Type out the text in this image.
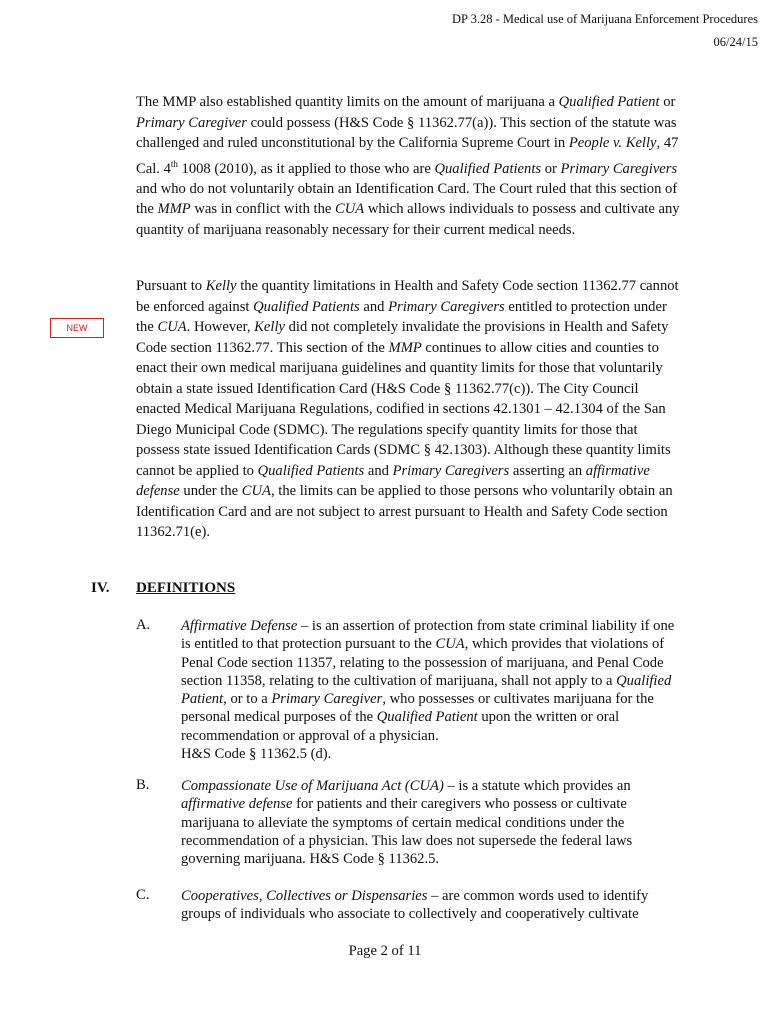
DP 3.28 - Medical use of Marijuana Enforcement Procedures
06/24/15
The MMP also established quantity limits on the amount of marijuana a Qualified Patient or Primary Caregiver could possess (H&S Code § 11362.77(a)). This section of the statute was challenged and ruled unconstitutional by the California Supreme Court in People v. Kelly, 47 Cal. 4th 1008 (2010), as it applied to those who are Qualified Patients or Primary Caregivers and who do not voluntarily obtain an Identification Card. The Court ruled that this section of the MMP was in conflict with the CUA which allows individuals to possess and cultivate any quantity of marijuana reasonably necessary for their current medical needs.
NEW
Pursuant to Kelly the quantity limitations in Health and Safety Code section 11362.77 cannot be enforced against Qualified Patients and Primary Caregivers entitled to protection under the CUA. However, Kelly did not completely invalidate the provisions in Health and Safety Code section 11362.77. This section of the MMP continues to allow cities and counties to enact their own medical marijuana guidelines and quantity limits for those that voluntarily obtain a state issued Identification Card (H&S Code § 11362.77(c)). The City Council enacted Medical Marijuana Regulations, codified in sections 42.1301 – 42.1304 of the San Diego Municipal Code (SDMC). The regulations specify quantity limits for those that possess state issued Identification Cards (SDMC § 42.1303). Although these quantity limits cannot be applied to Qualified Patients and Primary Caregivers asserting an affirmative defense under the CUA, the limits can be applied to those persons who voluntarily obtain an Identification Card and are not subject to arrest pursuant to Health and Safety Code section 11362.71(e).
IV. DEFINITIONS
A. Affirmative Defense – is an assertion of protection from state criminal liability if one is entitled to that protection pursuant to the CUA, which provides that violations of Penal Code section 11357, relating to the possession of marijuana, and Penal Code section 11358, relating to the cultivation of marijuana, shall not apply to a Qualified Patient, or to a Primary Caregiver, who possesses or cultivates marijuana for the personal medical purposes of the Qualified Patient upon the written or oral recommendation or approval of a physician.
H&S Code § 11362.5 (d).
B. Compassionate Use of Marijuana Act (CUA) – is a statute which provides an affirmative defense for patients and their caregivers who possess or cultivate marijuana to alleviate the symptoms of certain medical conditions under the recommendation of a physician. This law does not supersede the federal laws governing marijuana. H&S Code § 11362.5.
C. Cooperatives, Collectives or Dispensaries – are common words used to identify groups of individuals who associate to collectively and cooperatively cultivate
Page 2 of 11
